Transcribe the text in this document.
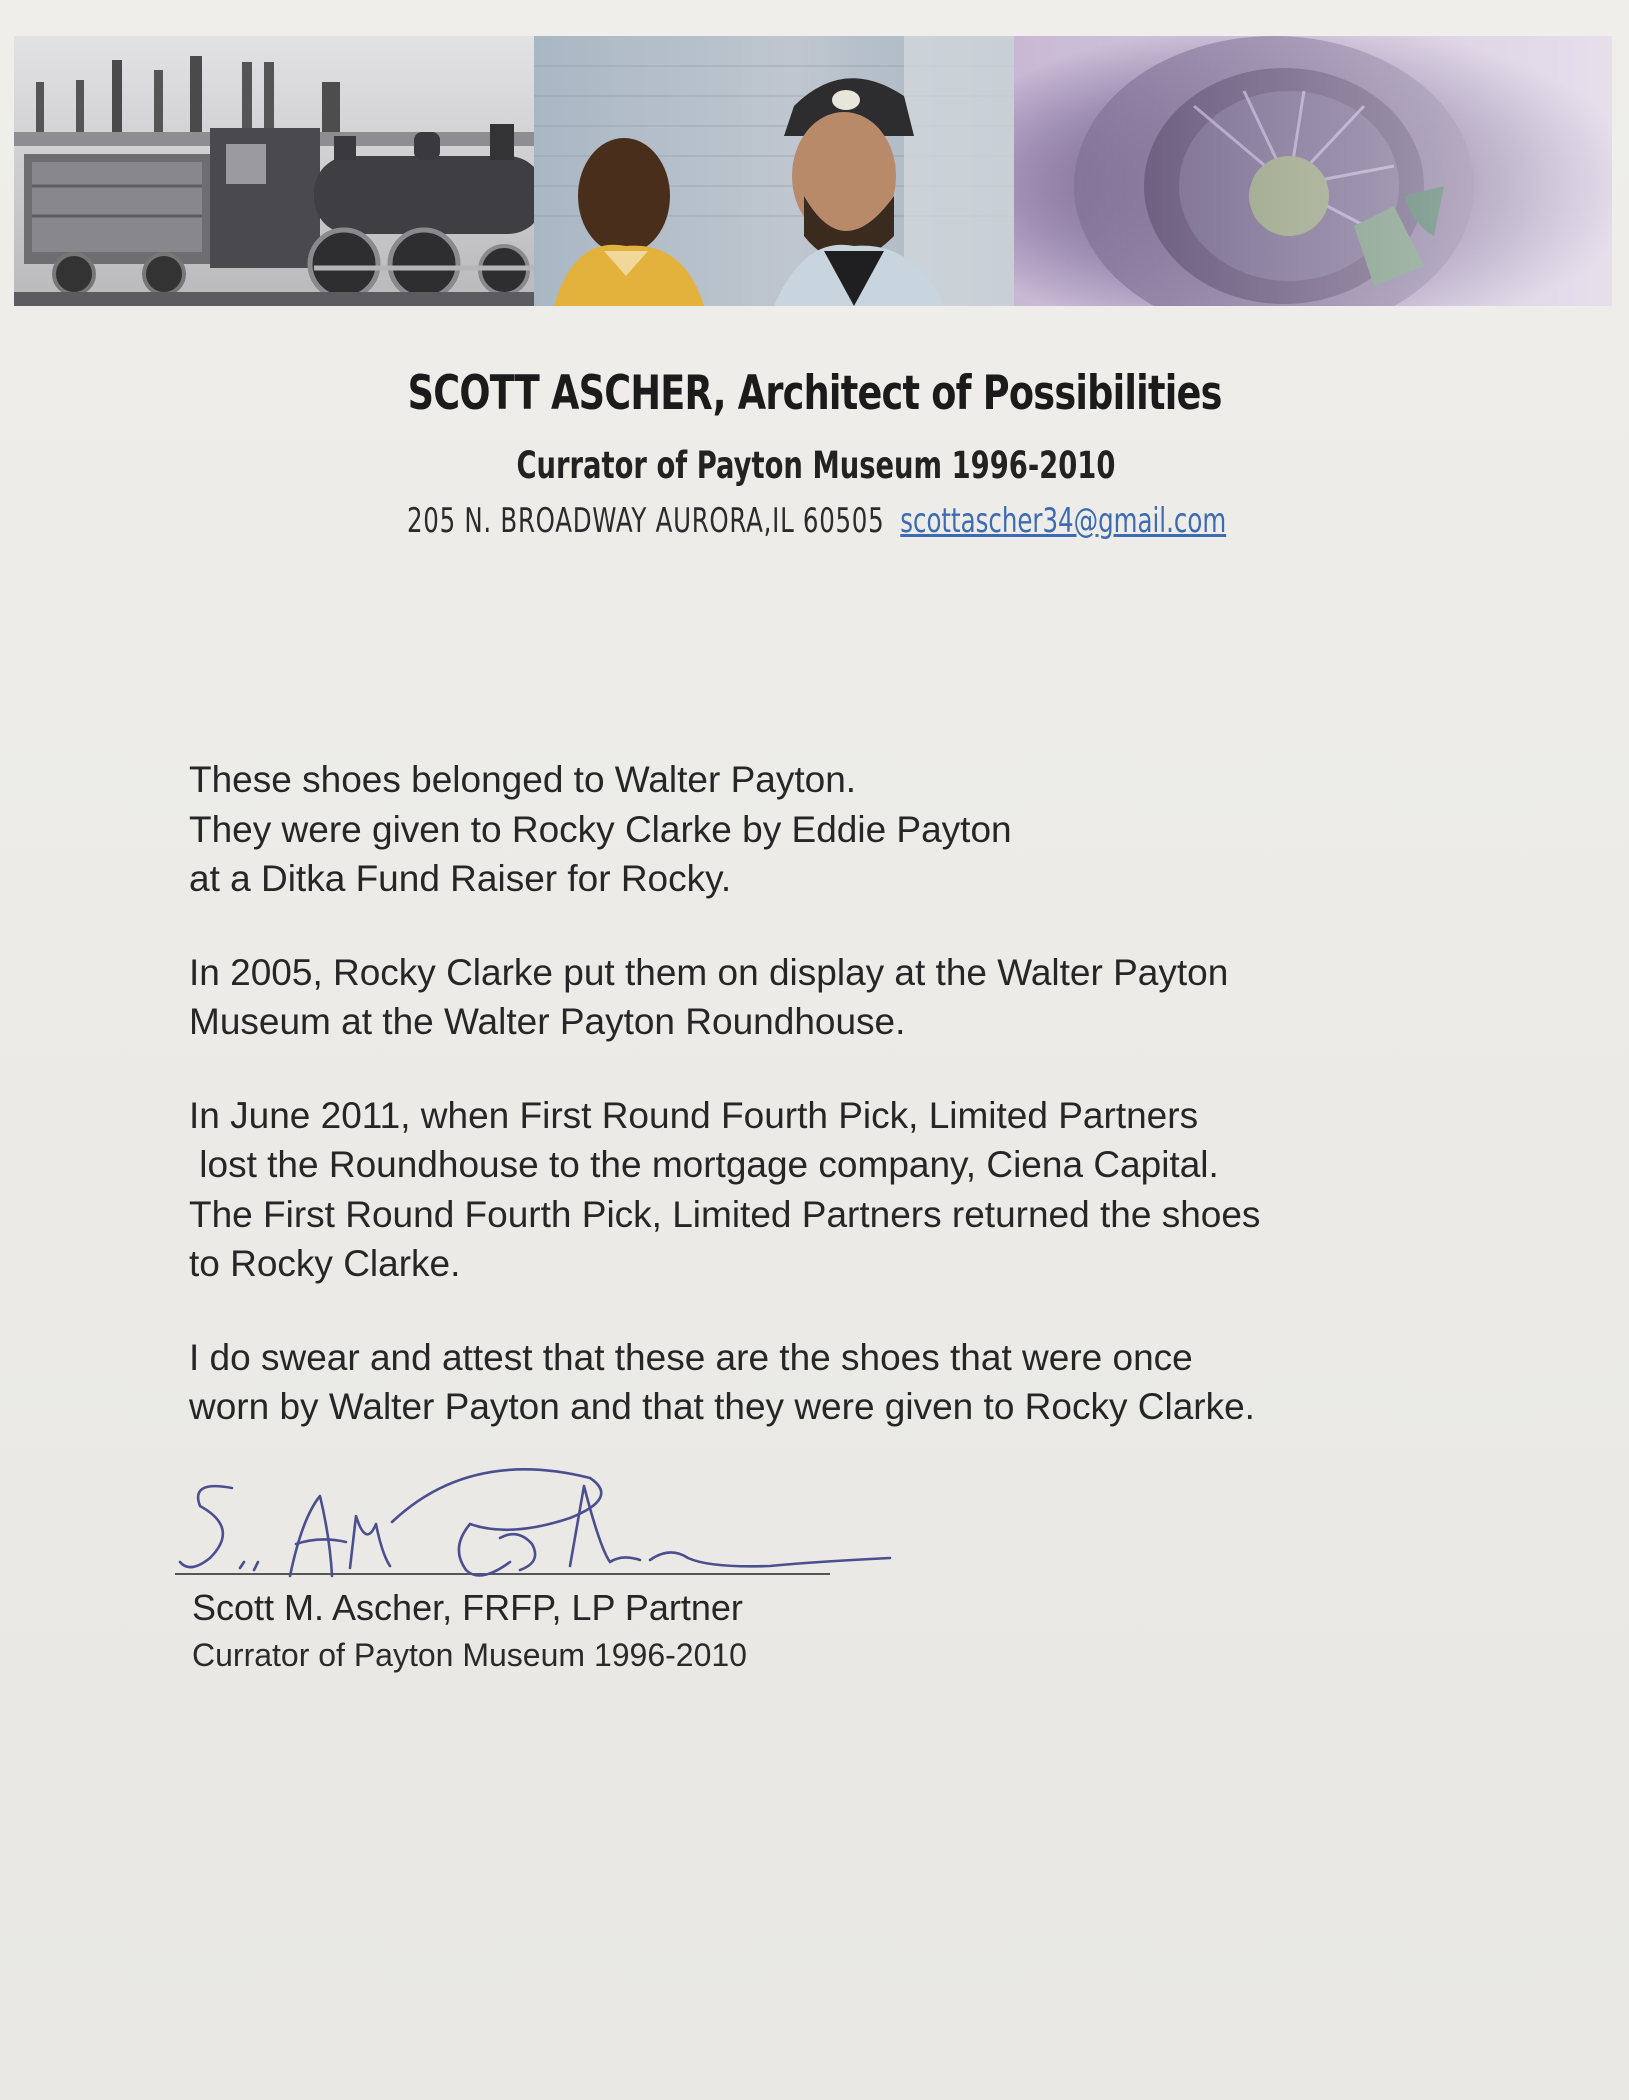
SCOTT ASCHER, Architect of Possibilities
Currator of Payton Museum 1996-2010
205 N. BROADWAY AURORA,IL 60505 scottascher34@gmail.com

These shoes belonged to Walter Payton.
They were given to Rocky Clarke by Eddie Payton
at a Ditka Fund Raiser for Rocky.

In 2005, Rocky Clarke put them on display at the Walter Payton
Museum at the Walter Payton Roundhouse.

In June 2011, when First Round Fourth Pick, Limited Partners
lost the Roundhouse to the mortgage company, Ciena Capital.
The First Round Fourth Pick, Limited Partners returned the shoes
to Rocky Clarke.

I do swear and attest that these are the shoes that were once
worn by Walter Payton and that they were given to Rocky Clarke.

Scott M. Ascher, FRFP, LP Partner
Currator of Payton Museum 1996-2010
